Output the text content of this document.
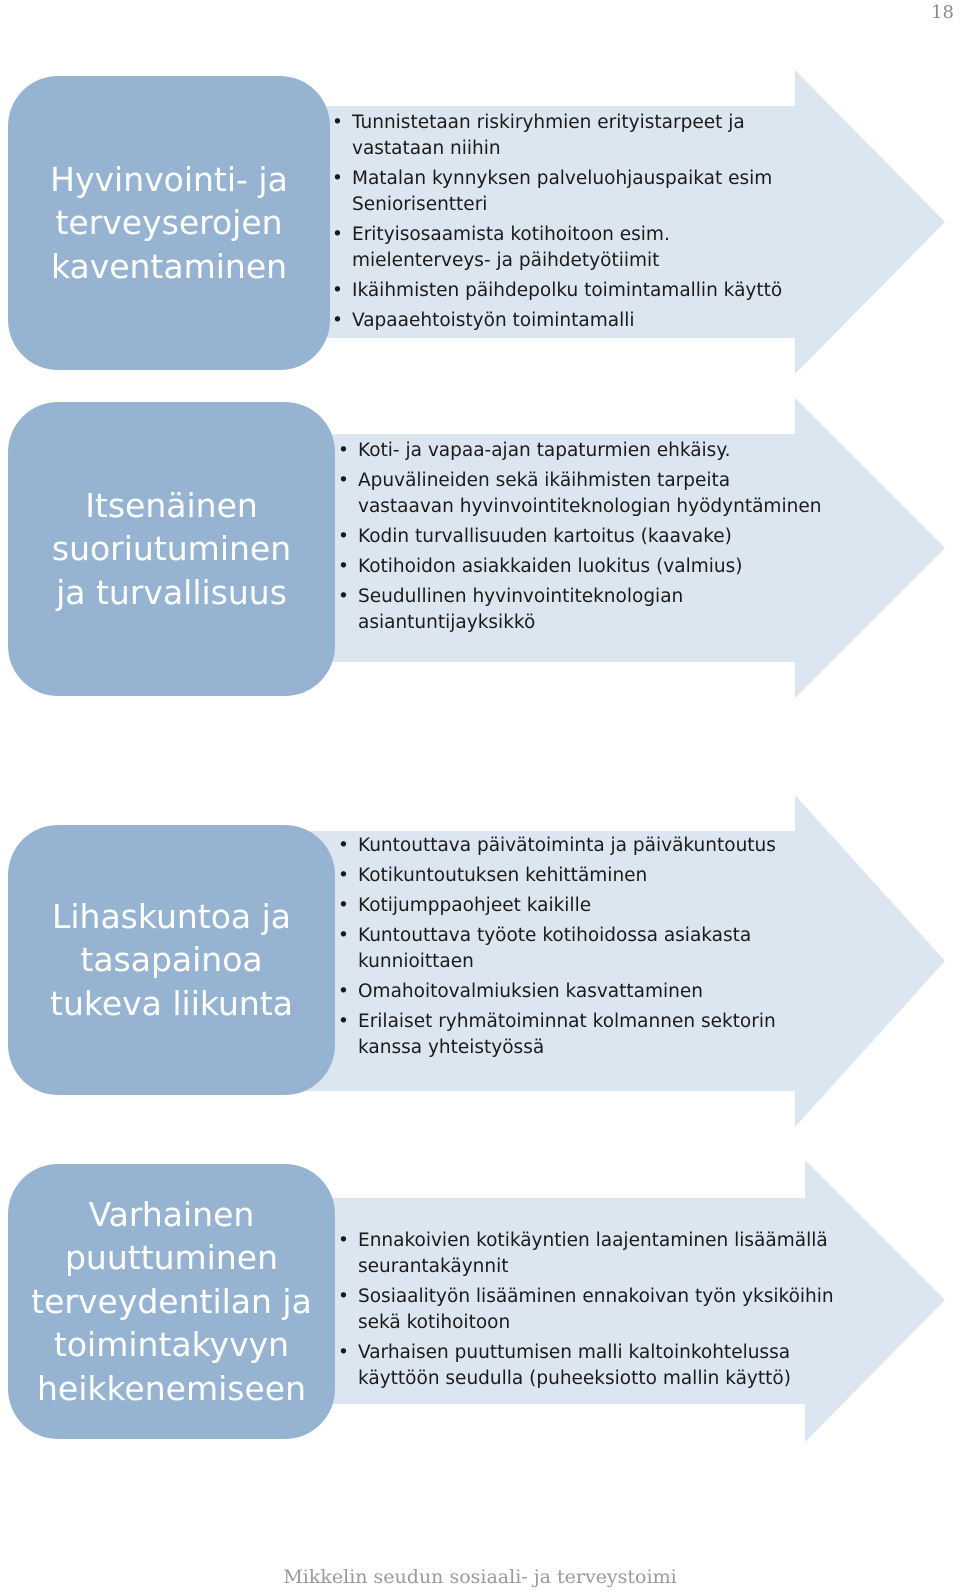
18
Hyvinvointi- ja
terveyserojen
kaventaminen
• Tunnistetaan riskiryhmien erityistarpeet ja vastataan niihin
• Matalan kynnyksen palveluohjauspaikat esim Seniorisentteri
• Erityisosaamista kotihoitoon esim. mielenterveys- ja päihdetyötiimit
• Ikäihmisten päihdepolku toimintamallin käyttö
• Vapaaehtoistyön toimintamalli
Itsenäinen
suoriutuminen
ja turvallisuus
• Koti- ja vapaa-ajan tapaturmien ehkäisy.
• Apuvälineiden sekä ikäihmisten tarpeita vastaavan hyvinvointiteknologian hyödyntäminen
• Kodin turvallisuuden kartoitus (kaavake)
• Kotihoidon asiakkaiden luokitus (valmius)
• Seudullinen hyvinvointiteknologian asiantuntijayksikkö
Lihaskuntoa ja
tasapainoa
tukeva liikunta
• Kuntouttava päivätoiminta ja päiväkuntoutus
• Kotikuntoutuksen kehittäminen
• Kotijumppaohjeet kaikille
• Kuntouttava työote kotihoidossa asiakasta kunnioittaen
• Omahoitovalmiuksien kasvattaminen
• Erilaiset ryhmätoiminnat kolmannen sektorin kanssa yhteistyössä
Varhainen
puuttuminen
terveydentilan ja
toimintakyvyn
heikkenemiseen
• Ennakoivien kotikäyntien laajentaminen lisäämällä seurantakäynnit
• Sosiaalityön lisääminen ennakoivan työn yksiköihin sekä kotihoitoon
• Varhaisen puuttumisen malli kaltoinkohtelussa käyttöön seudulla (puheeksiotto mallin käyttö)
Mikkelin seudun sosiaali- ja terveystoimi
